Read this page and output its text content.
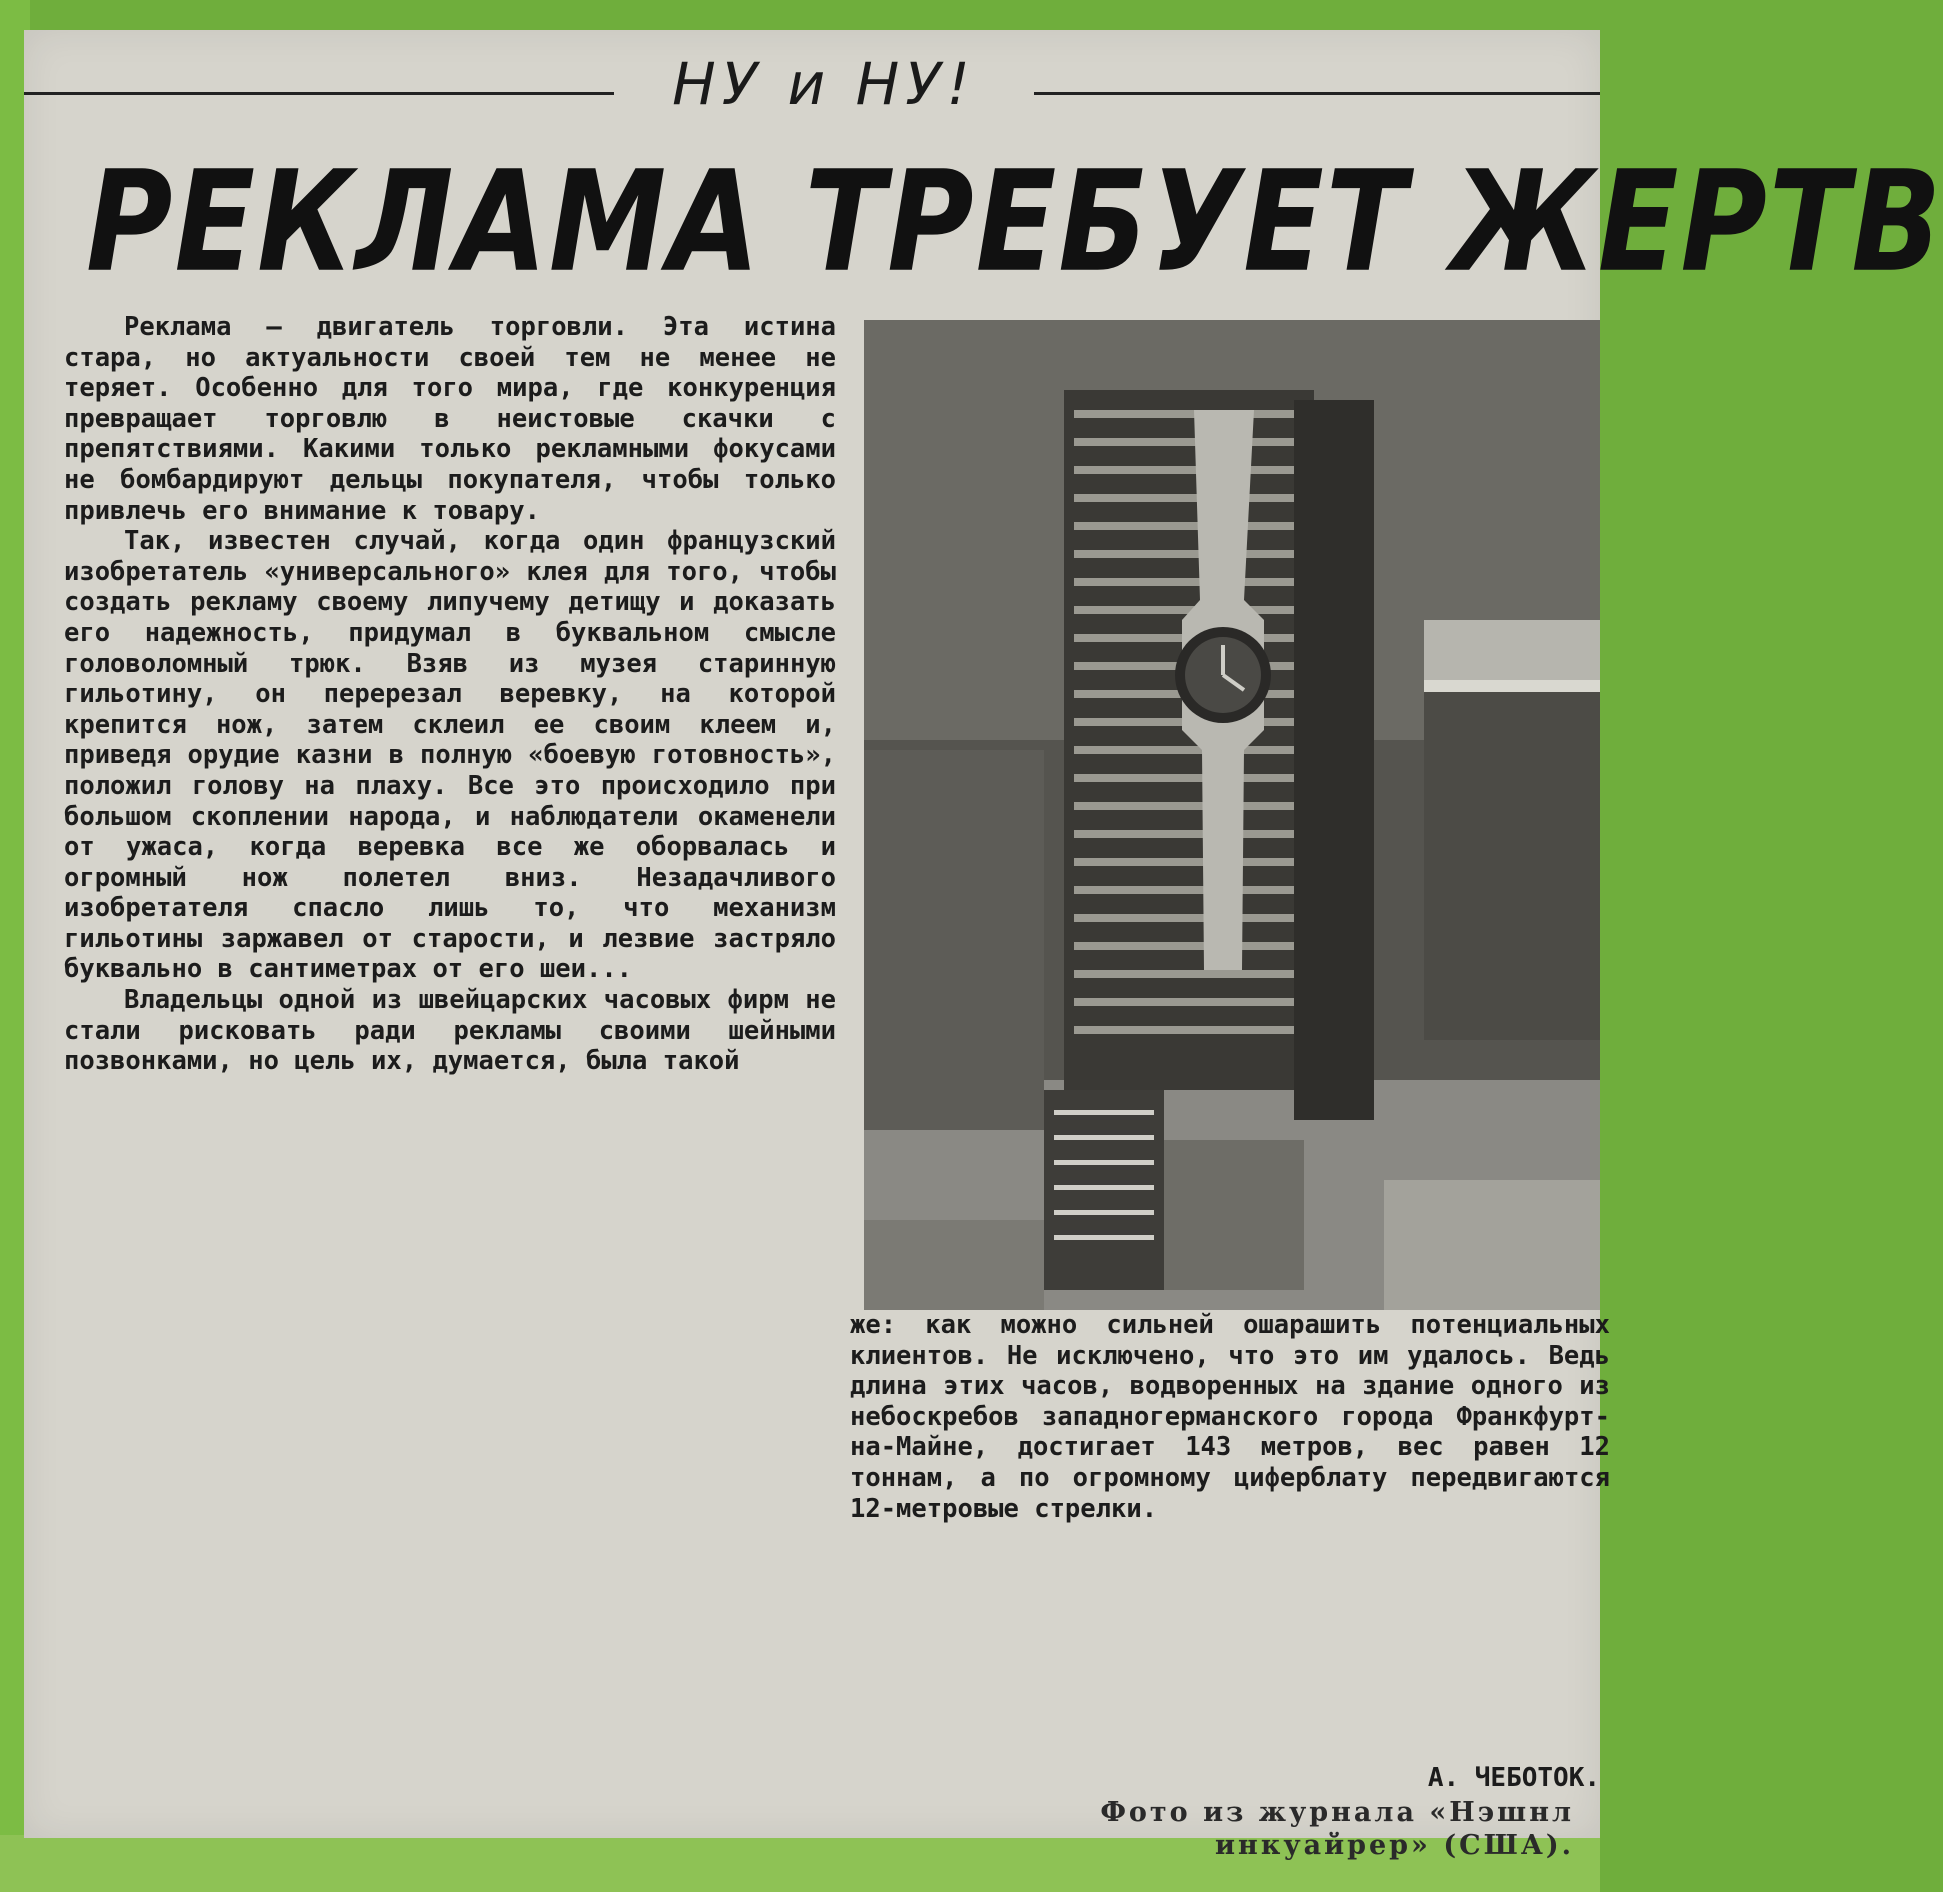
НУ и НУ!
РЕКЛАМА ТРЕБУЕТ ЖЕРТВ

Реклама — двигатель торговли. Эта истина стара, но актуальности своей тем не менее не теряет. Особенно для того мира, где конкуренция превращает торговлю в неистовые скачки с препятствиями. Какими только рекламными фокусами не бомбардируют дельцы покупателя, чтобы только привлечь его внимание к товару.

Так, известен случай, когда один французский изобретатель «универсального» клея для того, чтобы создать рекламу своему липучему детищу и доказать его надежность, придумал в буквальном смысле головоломный трюк. Взяв из музея старинную гильотину, он перерезал веревку, на которой крепится нож, затем склеил ее своим клеем и, приведя орудие казни в полную «боевую готовность», положил голову на плаху. Все это происходило при большом скоплении народа, и наблюдатели окаменели от ужаса, когда веревка все же оборвалась и огромный нож полетел вниз. Незадачливого изобретателя спасло лишь то, что механизм гильотины заржавел от старости, и лезвие застряло буквально в сантиметрах от его шеи...

Владельцы одной из швейцарских часовых фирм не стали рисковать ради рекламы своими шейными позвонками, но цель их, думается, была такой

же: как можно сильней ошарашить потенциальных клиентов. Не исключено, что это им удалось. Ведь длина этих часов, водворенных на здание одного из небоскребов западногерманского города Франкфурт-на-Майне, достигает 143 метров, вес равен 12 тоннам, а по огромному циферблату передвигаются 12-метровые стрелки.

А. ЧЕБОТОК.
Фото из журнала «Нэшнл
инкуайрер» (США).
